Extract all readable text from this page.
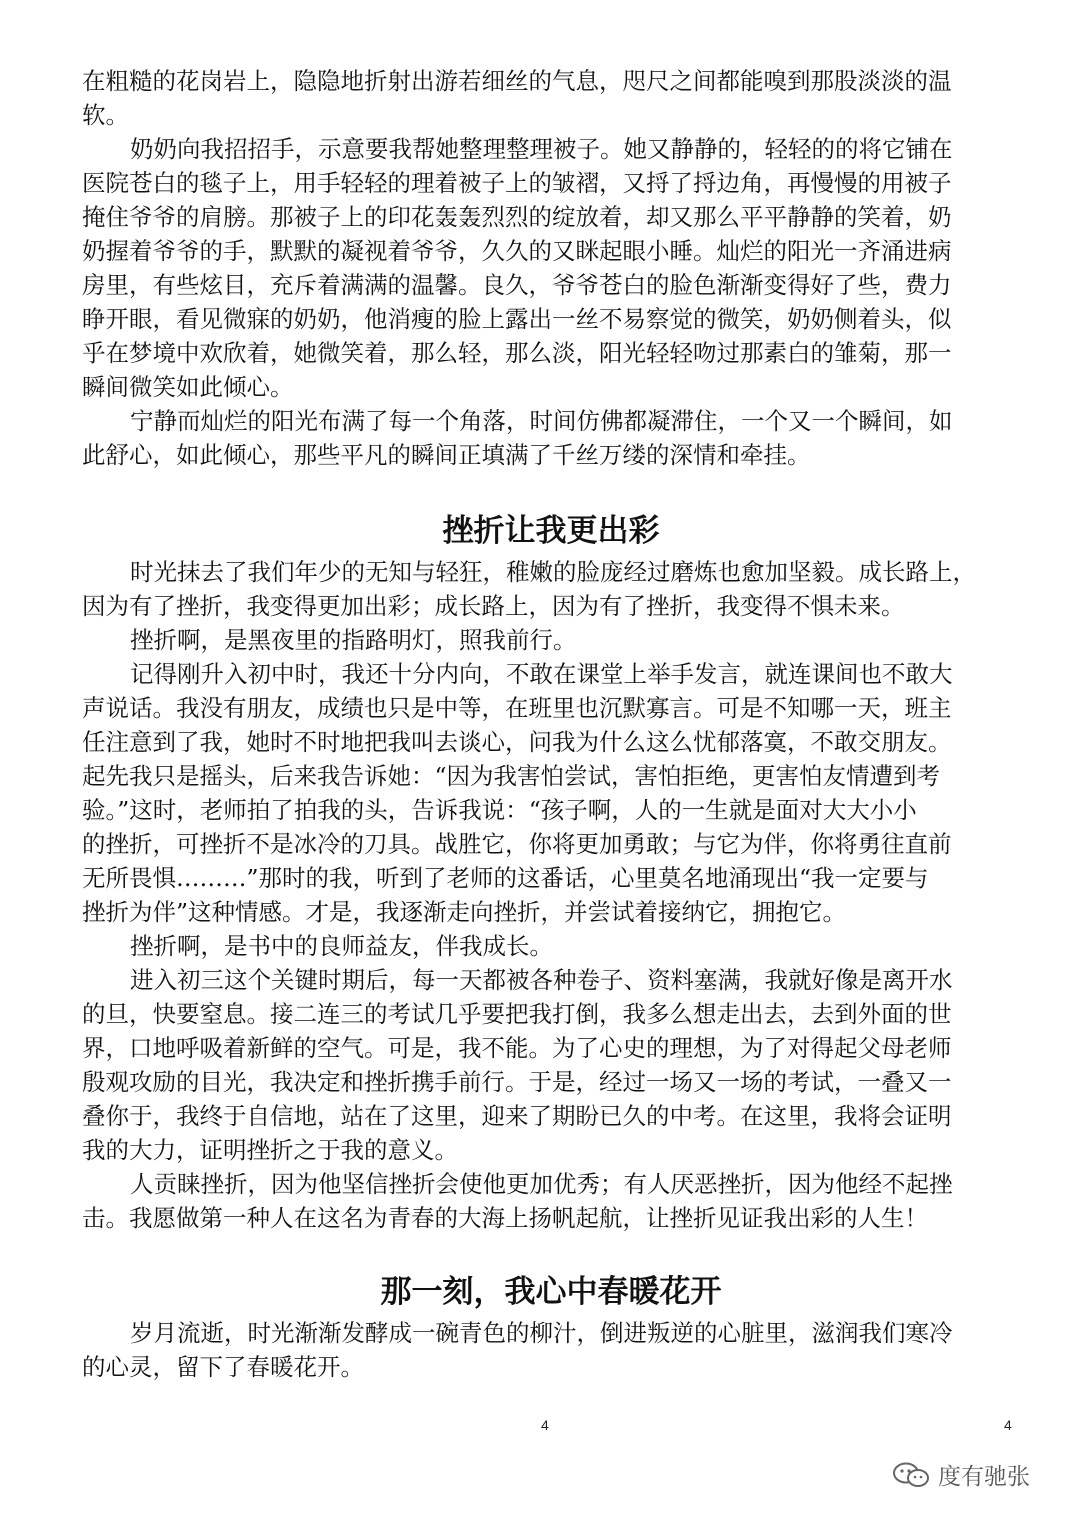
在粗糙的花岗岩上，隐隐地折射出游若细丝的气息，咫尺之间都能嗅到那股淡淡的温

软。

奶奶向我招招手，示意要我帮她整理整理被子。她又静静的，轻轻的的将它铺在

医院苍白的毯子上，用手轻轻的理着被子上的皱褶，又捋了捋边角，再慢慢的用被子

掩住爷爷的肩膀。那被子上的印花轰轰烈烈的绽放着，却又那么平平静静的笑着，奶

奶握着爷爷的手，默默的凝视着爷爷，久久的又眯起眼小睡。灿烂的阳光一齐涌进病

房里，有些炫目，充斥着满满的温馨。良久，爷爷苍白的脸色渐渐变得好了些，费力

睁开眼，看见微寐的奶奶，他消瘦的脸上露出一丝不易察觉的微笑，奶奶侧着头，似

乎在梦境中欢欣着，她微笑着，那么轻，那么淡，阳光轻轻吻过那素白的雏菊，那一

瞬间微笑如此倾心。

宁静而灿烂的阳光布满了每一个角落，时间仿佛都凝滞住，一个又一个瞬间，如

此舒心，如此倾心，那些平凡的瞬间正填满了千丝万缕的深情和牵挂。

挫折让我更出彩

时光抹去了我们年少的无知与轻狂，稚嫩的脸庞经过磨炼也愈加坚毅。成长路上，

因为有了挫折，我变得更加出彩；成长路上，因为有了挫折，我变得不惧未来。

挫折啊，是黑夜里的指路明灯，照我前行。

记得刚升入初中时，我还十分内向，不敢在课堂上举手发言，就连课间也不敢大

声说话。我没有朋友，成绩也只是中等，在班里也沉默寡言。可是不知哪一天，班主

任注意到了我，她时不时地把我叫去谈心，问我为什么这么忧郁落寞，不敢交朋友。

起先我只是摇头，后来我告诉她：“因为我害怕尝试，害怕拒绝，更害怕友情遭到考

验。”这时，老师拍了拍我的头，告诉我说：“孩子啊，人的一生就是面对大大小小

的挫折，可挫折不是冰冷的刀具。战胜它，你将更加勇敢；与它为伴，你将勇往直前

无所畏惧………”那时的我，听到了老师的这番话，心里莫名地涌现出“我一定要与

挫折为伴”这种情感。才是，我逐渐走向挫折，并尝试着接纳它，拥抱它。

挫折啊，是书中的良师益友，伴我成长。

进入初三这个关键时期后，每一天都被各种卷子、资料塞满，我就好像是离开水

的旦，快要窒息。接二连三的考试几乎要把我打倒，我多么想走出去，去到外面的世

界，口地呼吸着新鲜的空气。可是，我不能。为了心史的理想，为了对得起父母老师

殷观攻励的目光，我决定和挫折携手前行。于是，经过一场又一场的考试，一叠又一

叠你于，我终于自信地，站在了这里，迎来了期盼已久的中考。在这里，我将会证明

我的大力，证明挫折之于我的意义。

人贡睐挫折，因为他坚信挫折会使他更加优秀；有人厌恶挫折，因为他经不起挫

击。我愿做第一种人在这名为青春的大海上扬帆起航，让挫折见证我出彩的人生！

那一刻，我心中春暖花开

岁月流逝，时光渐渐发酵成一碗青色的柳汁，倒进叛逆的心脏里，滋润我们寒冷

的心灵，留下了春暖花开。

4	4
度有驰张
